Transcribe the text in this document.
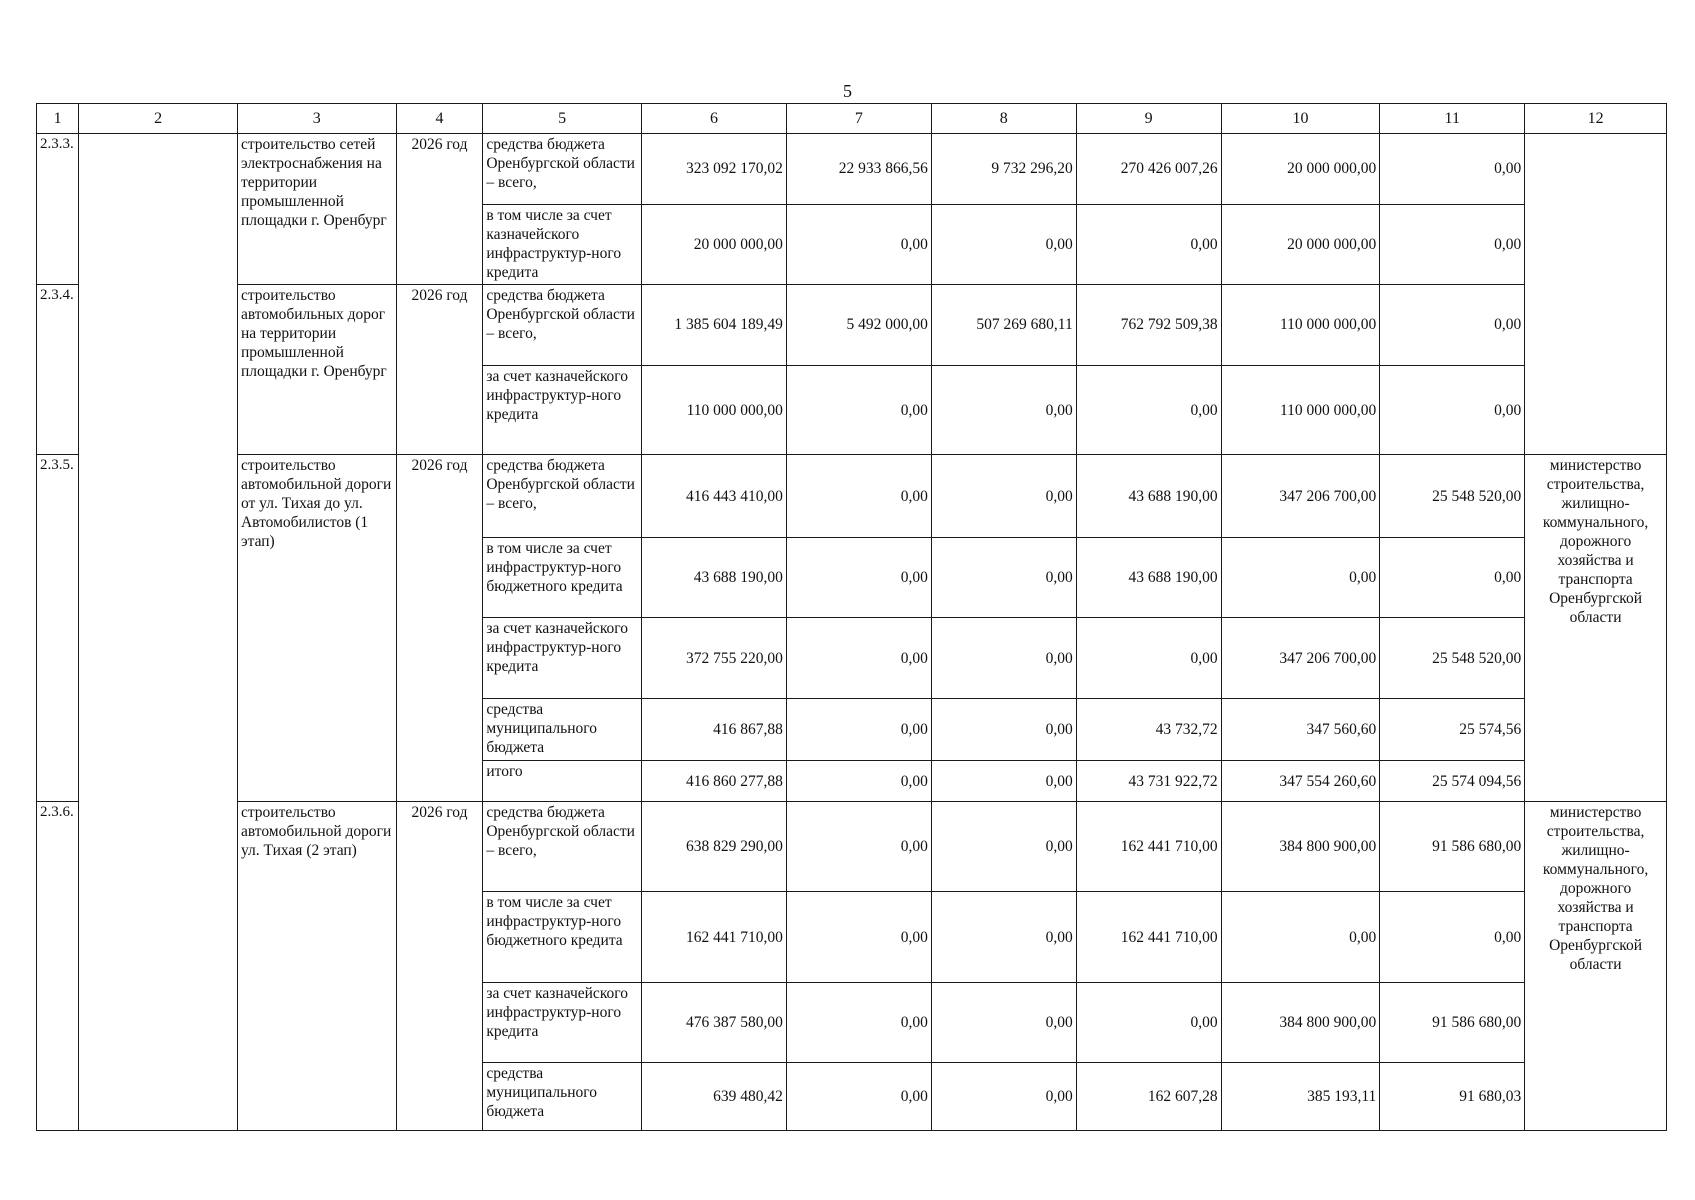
5
1	2	3	4	5	6	7	8	9	10	11	12
2.3.3.		строительство сетей электроснабжения на территории промышленной площадки г. Оренбург	2026 год	средства бюджета Оренбургской области – всего,	323 092 170,02	22 933 866,56	9 732 296,20	270 426 007,26	20 000 000,00	0,00	
				в том числе за счет казначейского инфраструктур-ного кредита	20 000 000,00	0,00	0,00	0,00	20 000 000,00	0,00	
2.3.4.		строительство автомобильных дорог на территории промышленной площадки г. Оренбург	2026 год	средства бюджета Оренбургской области – всего,	1 385 604 189,49	5 492 000,00	507 269 680,11	762 792 509,38	110 000 000,00	0,00	
				за счет казначейского инфраструктур-ного кредита	110 000 000,00	0,00	0,00	0,00	110 000 000,00	0,00	
2.3.5.		строительство автомобильной дороги от ул. Тихая до ул. Автомобилистов (1 этап)	2026 год	средства бюджета Оренбургской области – всего,	416 443 410,00	0,00	0,00	43 688 190,00	347 206 700,00	25 548 520,00	министерство строительства, жилищно-коммунального, дорожного хозяйства и транспорта Оренбургской области
				в том числе за счет инфраструктур-ного бюджетного кредита	43 688 190,00	0,00	0,00	43 688 190,00	0,00	0,00	
				за счет казначейского инфраструктур-ного кредита	372 755 220,00	0,00	0,00	0,00	347 206 700,00	25 548 520,00	
				средства муниципального бюджета	416 867,88	0,00	0,00	43 732,72	347 560,60	25 574,56	
				итого	416 860 277,88	0,00	0,00	43 731 922,72	347 554 260,60	25 574 094,56	
2.3.6.		строительство автомобильной дороги ул. Тихая (2 этап)	2026 год	средства бюджета Оренбургской области – всего,	638 829 290,00	0,00	0,00	162 441 710,00	384 800 900,00	91 586 680,00	министерство строительства, жилищно-коммунального, дорожного хозяйства и транспорта Оренбургской области
				в том числе за счет инфраструктур-ного бюджетного кредита	162 441 710,00	0,00	0,00	162 441 710,00	0,00	0,00	
				за счет казначейского инфраструктур-ного кредита	476 387 580,00	0,00	0,00	0,00	384 800 900,00	91 586 680,00	
				средства муниципального бюджета	639 480,42	0,00	0,00	162 607,28	385 193,11	91 680,03	
